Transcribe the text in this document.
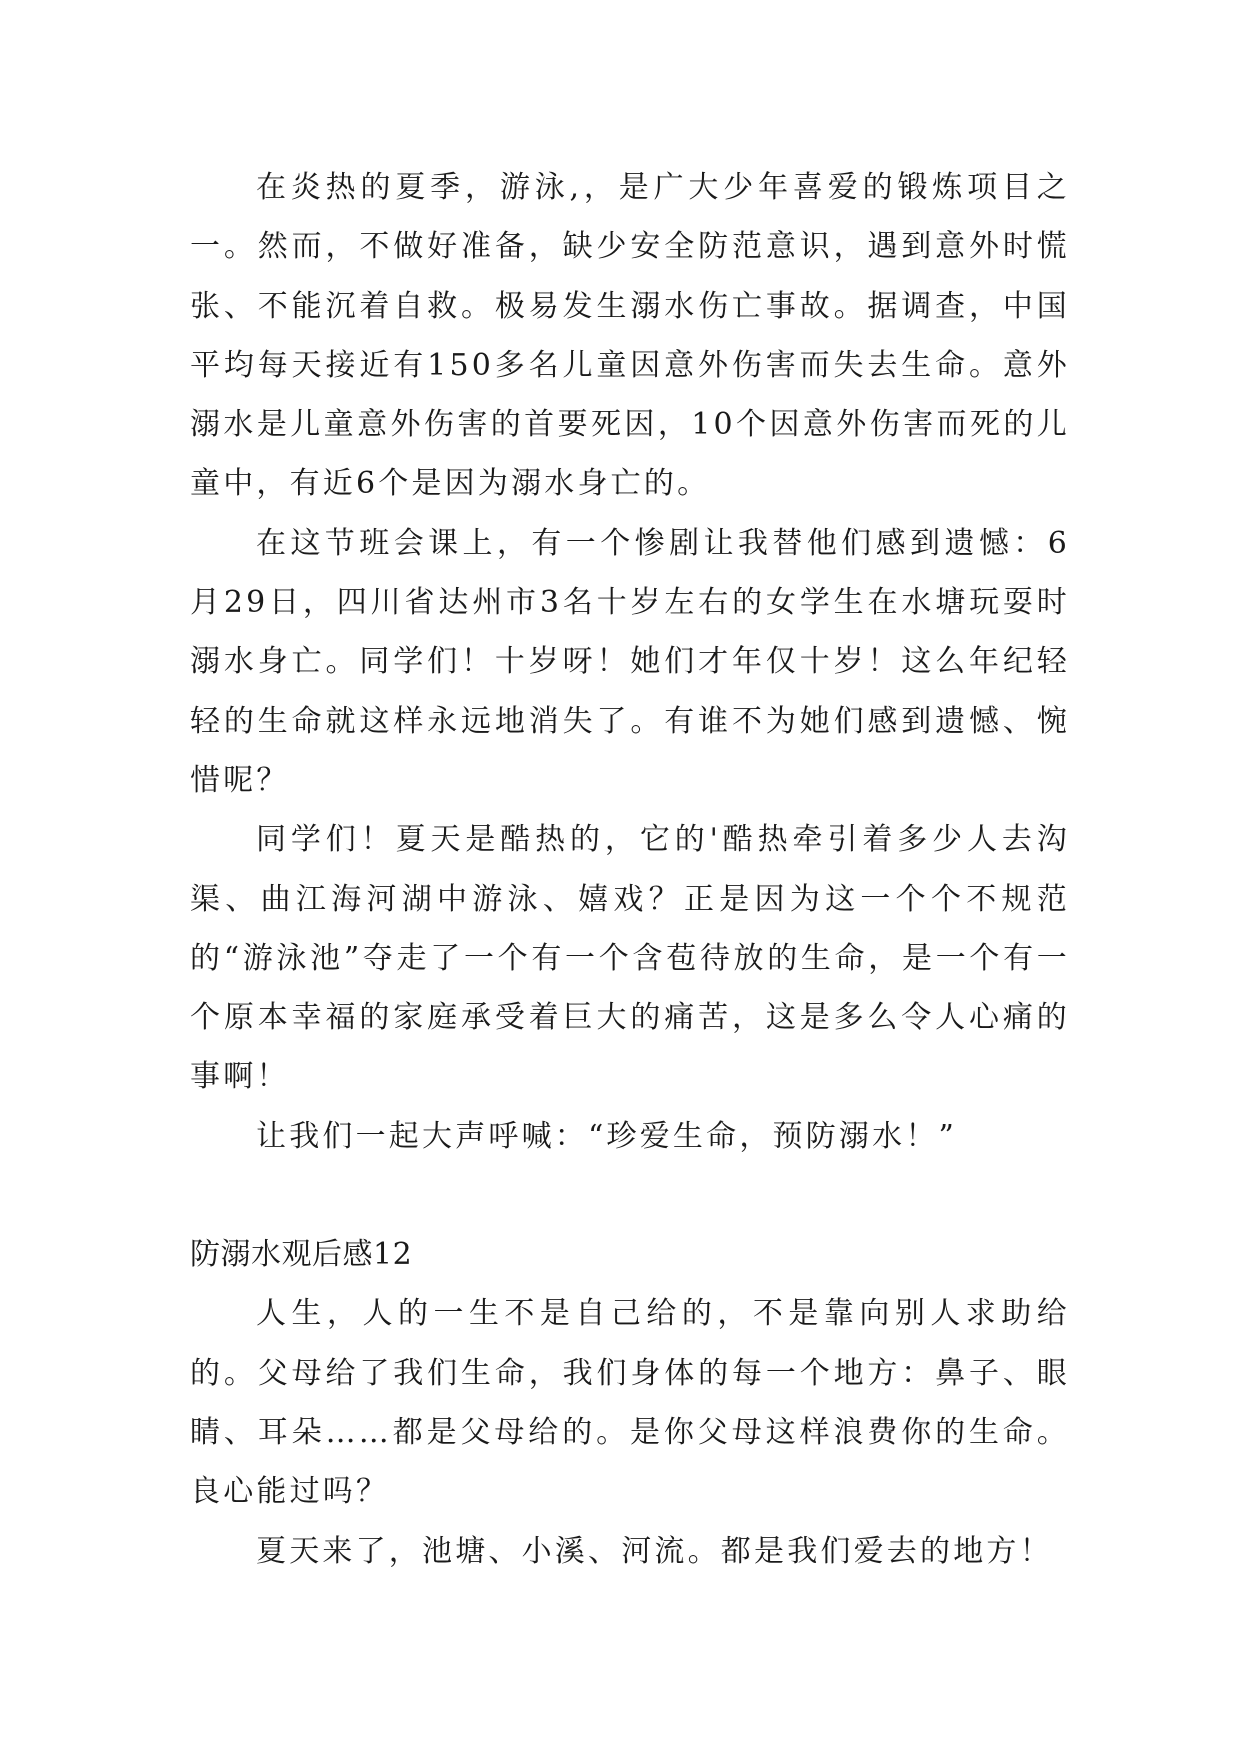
在炎热的夏季，游泳,，是广大少年喜爱的锻炼项目之一。然而，不做好准备，缺少安全防范意识，遇到意外时慌张、不能沉着自救。极易发生溺水伤亡事故。据调查，中国平均每天接近有150多名儿童因意外伤害而失去生命。意外溺水是儿童意外伤害的首要死因，10个因意外伤害而死的儿童中，有近6个是因为溺水身亡的。

在这节班会课上，有一个惨剧让我替他们感到遗憾：6月29日，四川省达州市3名十岁左右的女学生在水塘玩耍时溺水身亡。同学们！十岁呀！她们才年仅十岁！这么年纪轻轻的生命就这样永远地消失了。有谁不为她们感到遗憾、惋惜呢？

同学们！夏天是酷热的，它的'酷热牵引着多少人去沟渠、曲江海河湖中游泳、嬉戏？正是因为这一个个不规范的“游泳池”夺走了一个有一个含苞待放的生命，是一个有一个原本幸福的家庭承受着巨大的痛苦，这是多么令人心痛的事啊！

让我们一起大声呼喊：“珍爱生命，预防溺水！”

防溺水观后感12

人生，人的一生不是自己给的，不是靠向别人求助给的。父母给了我们生命，我们身体的每一个地方：鼻子、眼睛、耳朵……都是父母给的。是你父母这样浪费你的生命。良心能过吗？

夏天来了，池塘、小溪、河流。都是我们爱去的地方！
